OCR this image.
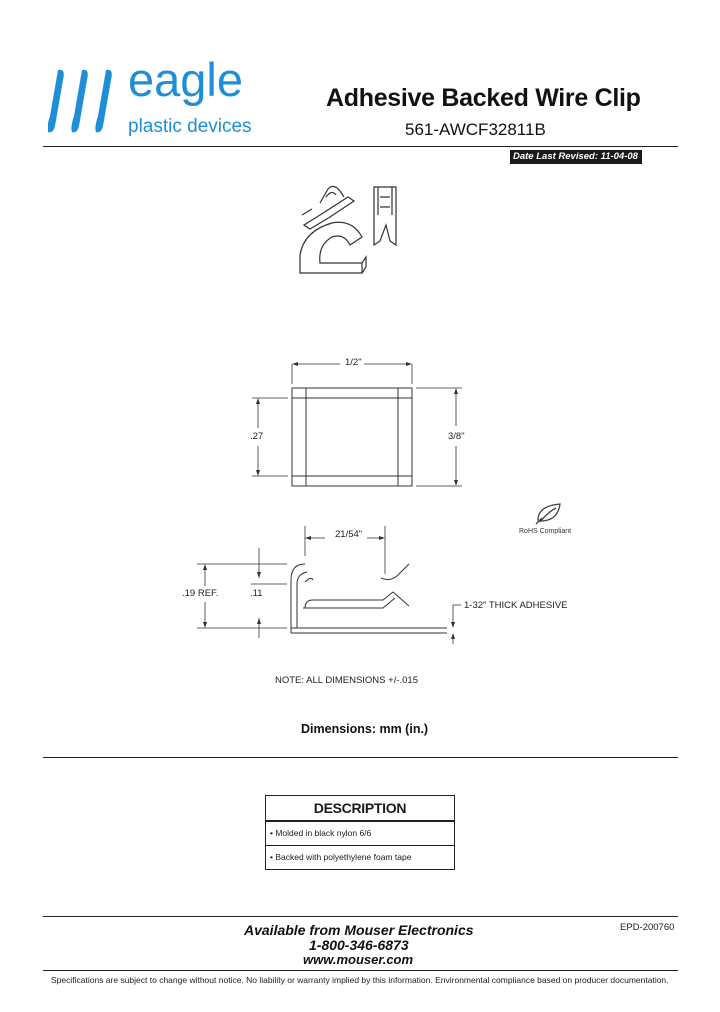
eagle
plastic devices
Adhesive Backed Wire Clip
561-AWCF32811B
Date Last Revised: 11-04-08
1/2"
.27	3/8"
RoHS Compliant
21/54"
.19 REF.	.11
1-32" THICK ADHESIVE
NOTE: ALL DIMENSIONS +/-.015
Dimensions: mm (in.)
DESCRIPTION
• Molded in black nylon 6/6
• Backed with polyethylene foam tape
Available from Mouser Electronics
1-800-346-6873
www.mouser.com
EPD-200760
Specifications are subject to change without notice. No liability or warranty implied by this information. Environmental compliance based on producer documentation.
